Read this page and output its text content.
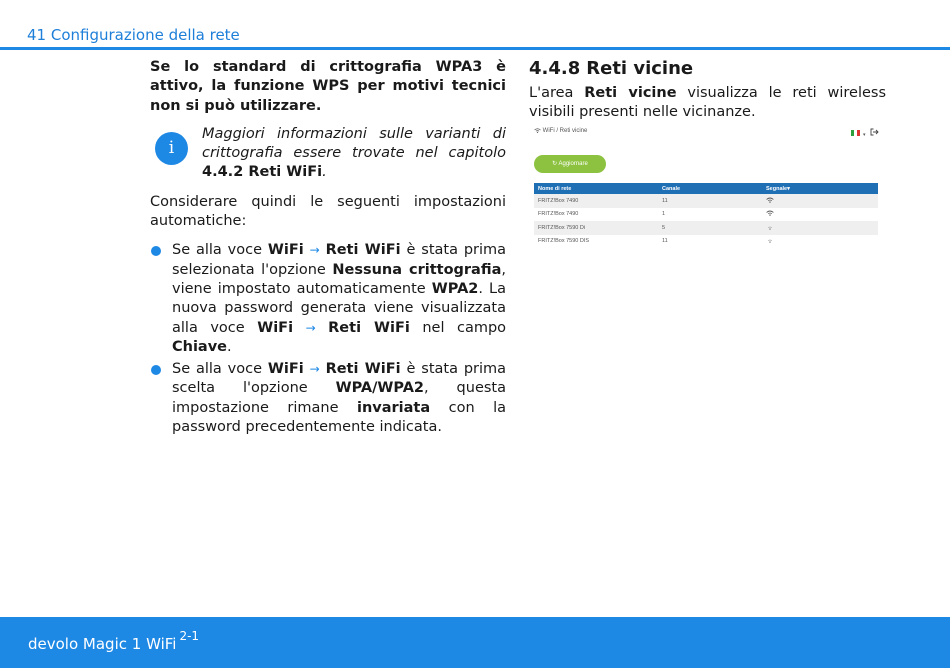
41 Configurazione della rete

Se lo standard di crittografia WPA3 è attivo, la funzione WPS per motivi tecnici non si può utilizzare.

i

Maggiori informazioni sulle varianti di crittografia essere trovate nel capitolo 4.4.2 Reti WiFi.

Considerare quindi le seguenti impostazioni automatiche:

Se alla voce WiFi → Reti WiFi è stata prima selezionata l'opzione Nessuna crittografia, viene impostato automaticamente WPA2. La nuova password generata viene visualizzata alla voce WiFi → Reti WiFi nel campo Chiave.
Se alla voce WiFi → Reti WiFi è stata prima scelta l'opzione WPA/WPA2, questa impostazione rimane invariata con la password precedentemente indicata.
4.4.8 Reti vicine

L'area Reti vicine visualizza le reti wireless visibili presenti nelle vicinanze.

WiFi / Reti vicine
▾
↻ Aggiornare
Nome di rete	Canale	Segnale▾
FRITZ!Box 7490	11	
FRITZ!Box 7490	1	
FRITZ!Box 7590 Di	5	
FRITZ!Box 7590 DIS	11	
devolo Magic 1 WiFi $^{2-1}$
